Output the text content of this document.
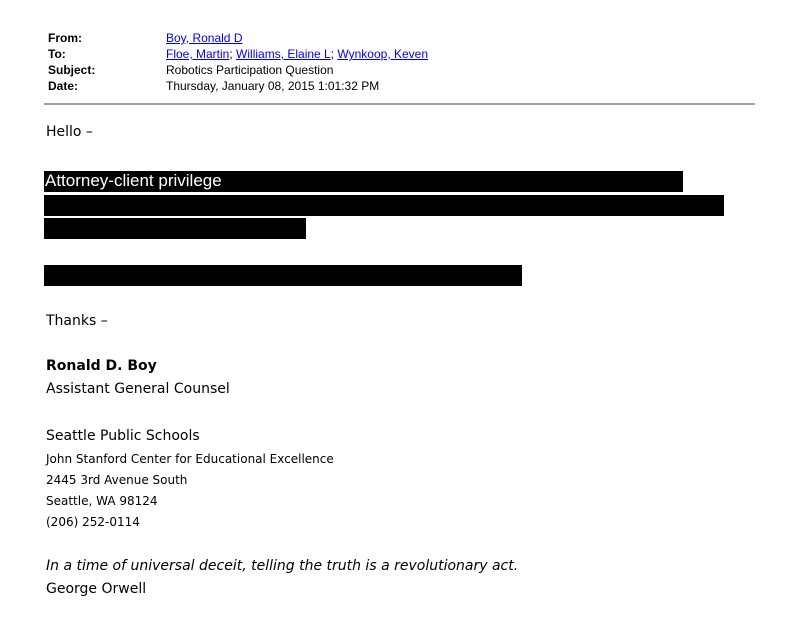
From:	Boy, Ronald D
To:	Floe, Martin; Williams, Elaine L; Wynkoop, Keven
Subject:	Robotics Participation Question
Date:	Thursday, January 08, 2015 1:01:32 PM
Hello –
Attorney-client privilege
Thanks –
Ronald D. Boy
Assistant General Counsel
Seattle Public Schools
John Stanford Center for Educational Excellence
2445 3rd Avenue South
Seattle, WA 98124
(206) 252-0114
In a time of universal deceit, telling the truth is a revolutionary act.
George Orwell
